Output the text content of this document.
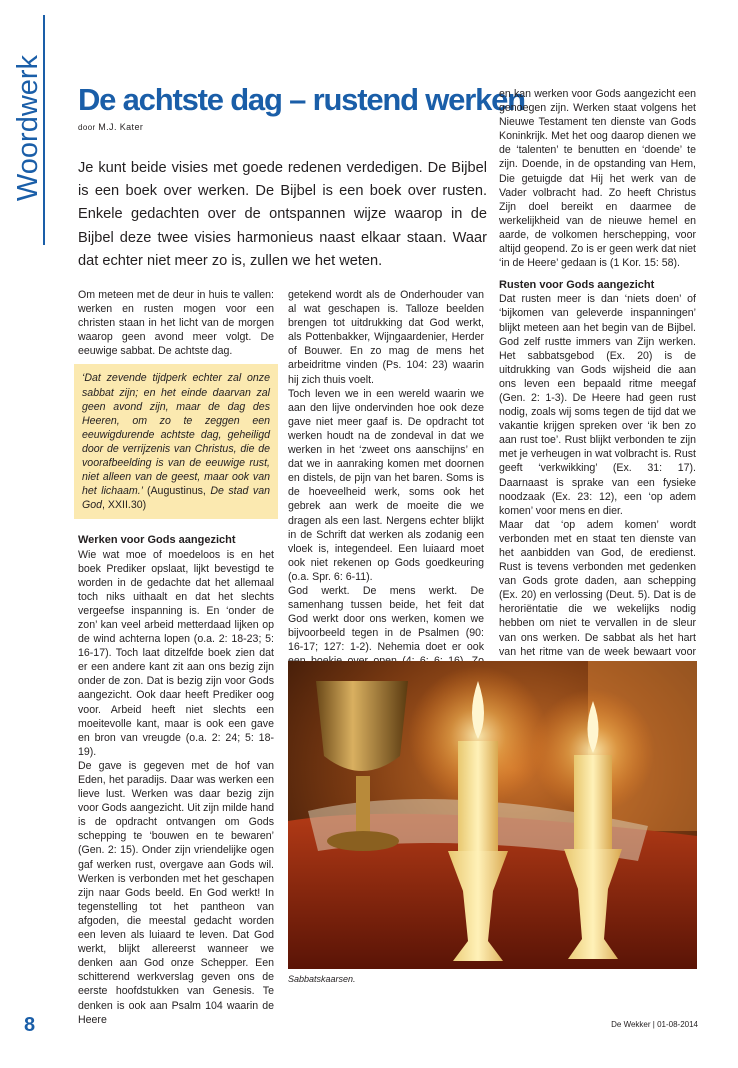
Woordwerk De achtste dag – rustend werken
door M.J. Kater

Je kunt beide visies met goede redenen verdedigen. De Bijbel is een boek over werken. De Bijbel is een boek over rusten. Enkele gedachten over de ontspannen wijze waarop in de Bijbel deze twee visies harmonieus naast elkaar staan. Waar dat echter niet meer zo is, zullen we het weten.

Om meteen met de deur in huis te vallen: werken en rusten mogen voor een christen staan in het licht van de morgen waarop geen avond meer volgt. De eeuwige sabbat. De achtste dag.

‘Dat zevende tijdperk echter zal onze sabbat zijn; en het einde daarvan zal geen avond zijn, maar de dag des Heeren, om zo te zeggen een eeuwigdurende achtste dag, geheiligd door de verrijzenis van Christus, die de voorafbeelding is van de eeuwige rust, niet alleen van de geest, maar ook van het lichaam.’ (Augustinus, De stad van God, XXII.30)

Werken voor Gods aangezicht

Wie wat moe of moedeloos is en het boek Prediker opslaat, lijkt bevestigd te worden in de gedachte dat het allemaal toch niks uithaalt en dat het slechts vergeefse inspanning is. En ‘onder de zon’ kan veel arbeid metterdaad lijken op de wind achterna lopen (o.a. 2: 18-23; 5: 16-17). Toch laat ditzelfde boek zien dat er een andere kant zit aan ons bezig zijn onder de zon. Dat is bezig zijn voor Gods aangezicht. Ook daar heeft Prediker oog voor. Arbeid heeft niet slechts een moeitevolle kant, maar is ook een gave en bron van vreugde (o.a. 2: 24; 5: 18-19).

De gave is gegeven met de hof van Eden, het paradijs. Daar was werken een lieve lust. Werken was daar bezig zijn voor Gods aangezicht. Uit zijn milde hand is de opdracht ontvangen om Gods schepping te ‘bouwen en te bewaren’ (Gen. 2: 15). Onder zijn vriendelijke ogen gaf werken rust, overgave aan Gods wil. Werken is verbonden met het geschapen zijn naar Gods beeld. En God werkt! In tegenstelling tot het pantheon van afgoden, die meestal gedacht worden een leven als luiaard te leven. Dat God werkt, blijkt allereerst wanneer we denken aan God onze Schepper. Een schitterend werkverslag geven ons de eerste hoofdstukken van Genesis. Te denken is ook aan Psalm 104 waarin de Heere

getekend wordt als de Onderhouder van al wat geschapen is. Talloze beelden brengen tot uitdrukking dat God werkt, als Pottenbakker, Wijngaardenier, Herder of Bouwer. En zo mag de mens het arbeidritme vinden (Ps. 104: 23) waarin hij zich thuis voelt.

Toch leven we in een wereld waarin we aan den lijve ondervinden hoe ook deze gave niet meer gaaf is. De opdracht tot werken houdt na de zondeval in dat we werken in het ‘zweet ons aanschijns’ en dat we in aanraking komen met doornen en distels, de pijn van het baren. Soms is de hoeveelheid werk, soms ook het gebrek aan werk de moeite die we dragen als een last. Nergens echter blijkt in de Schrift dat werken als zodanig een vloek is, integendeel. Een luiaard moet ook niet rekenen op Gods goedkeuring (o.a. Spr. 6: 6-11).

God werkt. De mens werkt. De samenhang tussen beide, het feit dat God werkt door ons werken, komen we bijvoorbeeld tegen in de Psalmen (90: 16-17; 127: 1-2). Nehemia doet er ook

en kan werken voor Gods aangezicht een genoegen zijn. Werken staat volgens het Nieuwe Testament ten dienste van Gods Koninkrijk. Met het oog daarop dienen we de ‘talenten’ te benutten en ‘doende’ te zijn. Doende, in de opstanding van Hem, Die getuigde dat Hij het werk van de Vader volbracht had. Zo heeft Christus Zijn doel bereikt en daarmee de werkelijkheid van de nieuwe hemel en aarde, de volkomen herschepping, voor altijd geopend. Zo is er geen werk dat niet ‘in de Heere’ gedaan is (1 Kor. 15: 58).

Rusten voor Gods aangezicht

Dat rusten meer is dan ‘niets doen’ of ‘bijkomen van geleverde inspanningen’ blijkt meteen aan het begin van de Bijbel. God zelf rustte immers van Zijn werken. Het sabbatsgebod (Ex. 20) is de uitdrukking van Gods wijsheid die aan ons leven een bepaald ritme meegaf (Gen. 2: 1-3). De Heere had geen rust nodig, zoals wij soms tegen de tijd dat we vakantie krijgen spreken over ‘ik ben zo aan rust toe’. Rust blijkt verbonden te zijn met je verheugen in wat volbracht is. Rust geeft ‘verkwikking’ (Ex. 31: 17). Daarnaast is sprake van een fysieke noodzaak (Ex. 23: 12), een ‘op adem komen’ voor mens en dier.

Maar dat ‘op adem komen’ wordt verbonden met en staat ten dienste van het aanbidden van God, de eredienst. Rust is tevens verbonden met gedenken van Gods grote daden, aan schepping (Ex. 20) en verlossing (Deut. 5). Dat is de heroriëntatie die we wekelijks nodig hebben om niet te vervallen in de sleur van ons werken. De sabbat als het hart van het ritme van de week bewaart voor

Sabbatskaarsen.
8	De Wekker | 01-08-2014
